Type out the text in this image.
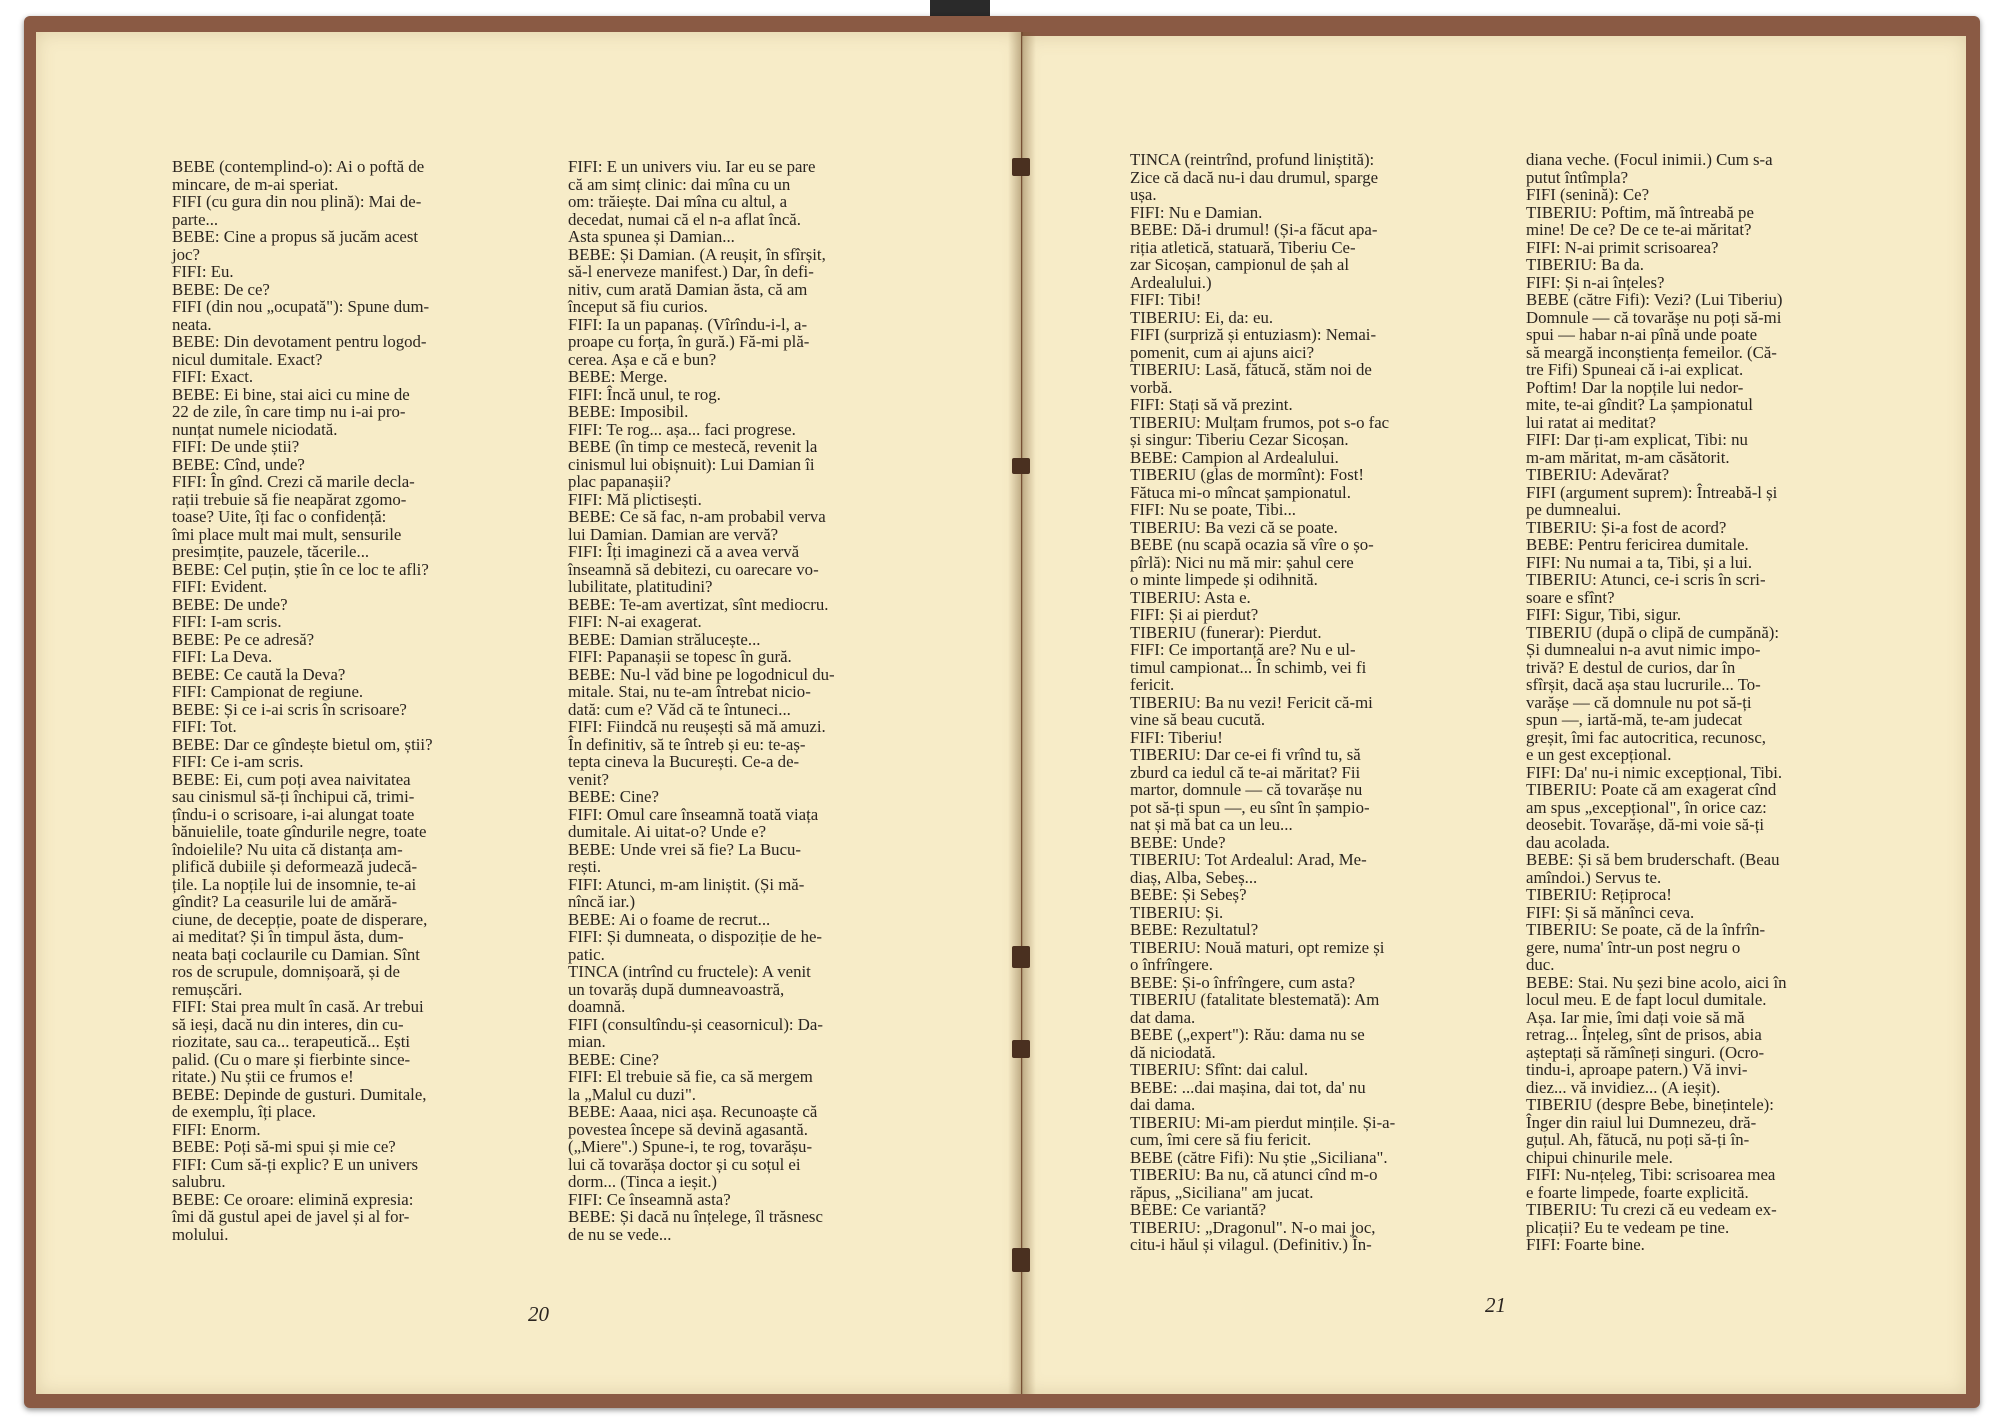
BEBE (contemplind-o): Ai o poftă de

mincare, de m-ai speriat.

FIFI (cu gura din nou plină): Mai de-

parte...

BEBE: Cine a propus să jucăm acest

joc?

FIFI: Eu.

BEBE: De ce?

FIFI (din nou „ocupată"): Spune dum-

neata.

BEBE: Din devotament pentru logod-

nicul dumitale. Exact?

FIFI: Exact.

BEBE: Ei bine, stai aici cu mine de

22 de zile, în care timp nu i-ai pro-

nunțat numele niciodată.

FIFI: De unde știi?

BEBE: Cînd, unde?

FIFI: În gînd. Crezi că marile decla-

rații trebuie să fie neapărat zgomo-

toase? Uite, îți fac o confidență:

îmi place mult mai mult, sensurile

presimțite, pauzele, tăcerile...

BEBE: Cel puțin, știe în ce loc te afli?

FIFI: Evident.

BEBE: De unde?

FIFI: I-am scris.

BEBE: Pe ce adresă?

FIFI: La Deva.

BEBE: Ce caută la Deva?

FIFI: Campionat de regiune.

BEBE: Și ce i-ai scris în scrisoare?

FIFI: Tot.

BEBE: Dar ce gîndește bietul om, știi?

FIFI: Ce i-am scris.

BEBE: Ei, cum poți avea naivitatea

sau cinismul să-ți închipui că, trimi-

țîndu-i o scrisoare, i-ai alungat toate

bănuielile, toate gîndurile negre, toate

îndoielile? Nu uita că distanța am-

plifică dubiile și deformează judecă-

țile. La nopțile lui de insomnie, te-ai

gîndit? La ceasurile lui de amără-

ciune, de decepție, poate de disperare,

ai meditat? Și în timpul ăsta, dum-

neata bați coclaurile cu Damian. Sînt

ros de scrupule, domnișoară, și de

remușcări.

FIFI: Stai prea mult în casă. Ar trebui

să ieși, dacă nu din interes, din cu-

riozitate, sau ca... terapeutică... Ești

palid. (Cu o mare și fierbinte since-

ritate.) Nu știi ce frumos e!

BEBE: Depinde de gusturi. Dumitale,

de exemplu, îți place.

FIFI: Enorm.

BEBE: Poți să-mi spui și mie ce?

FIFI: Cum să-ți explic? E un univers

salubru.

BEBE: Ce oroare: elimină expresia:

îmi dă gustul apei de javel și al for-

molului.

FIFI: E un univers viu. Iar eu se pare

că am simț clinic: dai mîna cu un

om: trăiește. Dai mîna cu altul, a

decedat, numai că el n-a aflat încă.

Asta spunea și Damian...

BEBE: Și Damian. (A reușit, în sfîrșit,

să-l enerveze manifest.) Dar, în defi-

nitiv, cum arată Damian ăsta, că am

început să fiu curios.

FIFI: Ia un papanaș. (Vîrîndu-i-l, a-

proape cu forța, în gură.) Fă-mi plă-

cerea. Așa e că e bun?

BEBE: Merge.

FIFI: Încă unul, te rog.

BEBE: Imposibil.

FIFI: Te rog... așa... faci progrese.

BEBE (în timp ce mestecă, revenit la

cinismul lui obișnuit): Lui Damian îi

plac papanașii?

FIFI: Mă plictisești.

BEBE: Ce să fac, n-am probabil verva

lui Damian. Damian are vervă?

FIFI: Îți imaginezi că a avea vervă

înseamnă să debitezi, cu oarecare vo-

lubilitate, platitudini?

BEBE: Te-am avertizat, sînt mediocru.

FIFI: N-ai exagerat.

BEBE: Damian strălucește...

FIFI: Papanașii se topesc în gură.

BEBE: Nu-l văd bine pe logodnicul du-

mitale. Stai, nu te-am întrebat nicio-

dată: cum e? Văd că te întuneci...

FIFI: Fiindcă nu reușești să mă amuzi.

În definitiv, să te întreb și eu: te-aș-

tepta cineva la București. Ce-a de-

venit?

BEBE: Cine?

FIFI: Omul care înseamnă toată viața

dumitale. Ai uitat-o? Unde e?

BEBE: Unde vrei să fie? La Bucu-

rești.

FIFI: Atunci, m-am liniștit. (Și mă-

nîncă iar.)

BEBE: Ai o foame de recrut...

FIFI: Și dumneata, o dispoziție de he-

patic.

TINCA (intrînd cu fructele): A venit

un tovarăș după dumneavoastră,

doamnă.

FIFI (consultîndu-și ceasornicul): Da-

mian.

BEBE: Cine?

FIFI: El trebuie să fie, ca să mergem

la „Malul cu duzi".

BEBE: Aaaa, nici așa. Recunoaște că

povestea începe să devină agasantă.

(„Miere".) Spune-i, te rog, tovarășu-

lui că tovarășa doctor și cu soțul ei

dorm... (Tinca a ieșit.)

FIFI: Ce înseamnă asta?

BEBE: Și dacă nu înțelege, îl trăsnesc

de nu se vede...

20

TINCA (reintrînd, profund liniștită):

Zice că dacă nu-i dau drumul, sparge

ușa.

FIFI: Nu e Damian.

BEBE: Dă-i drumul! (Și-a făcut apa-

riția atletică, statuară, Tiberiu Ce-

zar Sicoșan, campionul de șah al

Ardealului.)

FIFI: Tibi!

TIBERIU: Ei, da: eu.

FIFI (surpriză și entuziasm): Nemai-

pomenit, cum ai ajuns aici?

TIBERIU: Lasă, fătucă, stăm noi de

vorbă.

FIFI: Stați să vă prezint.

TIBERIU: Mulțam frumos, pot s-o fac

și singur: Tiberiu Cezar Sicoșan.

BEBE: Campion al Ardealului.

TIBERIU (glas de mormînt): Fost!

Fătuca mi-o mîncat șampionatul.

FIFI: Nu se poate, Tibi...

TIBERIU: Ba vezi că se poate.

BEBE (nu scapă ocazia să vîre o șo-

pîrlă): Nici nu mă mir: șahul cere

o minte limpede și odihnită.

TIBERIU: Asta e.

FIFI: Și ai pierdut?

TIBERIU (funerar): Pierdut.

FIFI: Ce importanță are? Nu e ul-

timul campionat... În schimb, vei fi

fericit.

TIBERIU: Ba nu vezi! Fericit că-mi

vine să beau cucută.

FIFI: Tiberiu!

TIBERIU: Dar ce-ei fi vrînd tu, să

zburd ca iedul că te-ai măritat? Fii

martor, domnule — că tovarășe nu

pot să-ți spun —, eu sînt în șampio-

nat și mă bat ca un leu...

BEBE: Unde?

TIBERIU: Tot Ardealul: Arad, Me-

diaș, Alba, Sebeș...

BEBE: Și Sebeș?

TIBERIU: Și.

BEBE: Rezultatul?

TIBERIU: Nouă maturi, opt remize și

o înfrîngere.

BEBE: Și-o înfrîngere, cum asta?

TIBERIU (fatalitate blestemată): Am

dat dama.

BEBE („expert"): Rău: dama nu se

dă niciodată.

TIBERIU: Sfînt: dai calul.

BEBE: ...dai mașina, dai tot, da' nu

dai dama.

TIBERIU: Mi-am pierdut mințile. Și-a-

cum, îmi cere să fiu fericit.

BEBE (către Fifi): Nu știe „Siciliana".

TIBERIU: Ba nu, că atunci cînd m-o

răpus, „Siciliana" am jucat.

BEBE: Ce variantă?

TIBERIU: „Dragonul". N-o mai joc,

citu-i hăul și vilagul. (Definitiv.) În-

diana veche. (Focul inimii.) Cum s-a

putut întîmpla?

FIFI (senină): Ce?

TIBERIU: Poftim, mă întreabă pe

mine! De ce? De ce te-ai măritat?

FIFI: N-ai primit scrisoarea?

TIBERIU: Ba da.

FIFI: Și n-ai înțeles?

BEBE (către Fifi): Vezi? (Lui Tiberiu)

Domnule — că tovarășe nu poți să-mi

spui — habar n-ai pînă unde poate

să meargă inconștiența femeilor. (Că-

tre Fifi) Spuneai că i-ai explicat.

Poftim! Dar la nopțile lui nedor-

mite, te-ai gîndit? La șampionatul

lui ratat ai meditat?

FIFI: Dar ți-am explicat, Tibi: nu

m-am măritat, m-am căsătorit.

TIBERIU: Adevărat?

FIFI (argument suprem): Întreabă-l și

pe dumnealui.

TIBERIU: Și-a fost de acord?

BEBE: Pentru fericirea dumitale.

FIFI: Nu numai a ta, Tibi, și a lui.

TIBERIU: Atunci, ce-i scris în scri-

soare e sfînt?

FIFI: Sigur, Tibi, sigur.

TIBERIU (după o clipă de cumpănă):

Și dumnealui n-a avut nimic impo-

trivă? E destul de curios, dar în

sfîrșit, dacă așa stau lucrurile... To-

varășe — că domnule nu pot să-ți

spun —, iartă-mă, te-am judecat

greșit, îmi fac autocritica, recunosc,

e un gest excepțional.

FIFI: Da' nu-i nimic excepțional, Tibi.

TIBERIU: Poate că am exagerat cînd

am spus „excepțional", în orice caz:

deosebit. Tovarășe, dă-mi voie să-ți

dau acolada.

BEBE: Și să bem bruderschaft. (Beau

amîndoi.) Servus te.

TIBERIU: Rețiproca!

FIFI: Și să mănînci ceva.

TIBERIU: Se poate, că de la înfrîn-

gere, numa' într-un post negru o

duc.

BEBE: Stai. Nu șezi bine acolo, aici în

locul meu. E de fapt locul dumitale.

Așa. Iar mie, îmi dați voie să mă

retrag... Înțeleg, sînt de prisos, abia

așteptați să rămîneți singuri. (Ocro-

tindu-i, aproape patern.) Vă invi-

diez... vă invidiez... (A ieșit).

TIBERIU (despre Bebe, binețintele):

Înger din raiul lui Dumnezeu, dră-

guțul. Ah, fătucă, nu poți să-ți în-

chipui chinurile mele.

FIFI: Nu-nțeleg, Tibi: scrisoarea mea

e foarte limpede, foarte explicită.

TIBERIU: Tu crezi că eu vedeam ex-

plicații? Eu te vedeam pe tine.

FIFI: Foarte bine.

21
